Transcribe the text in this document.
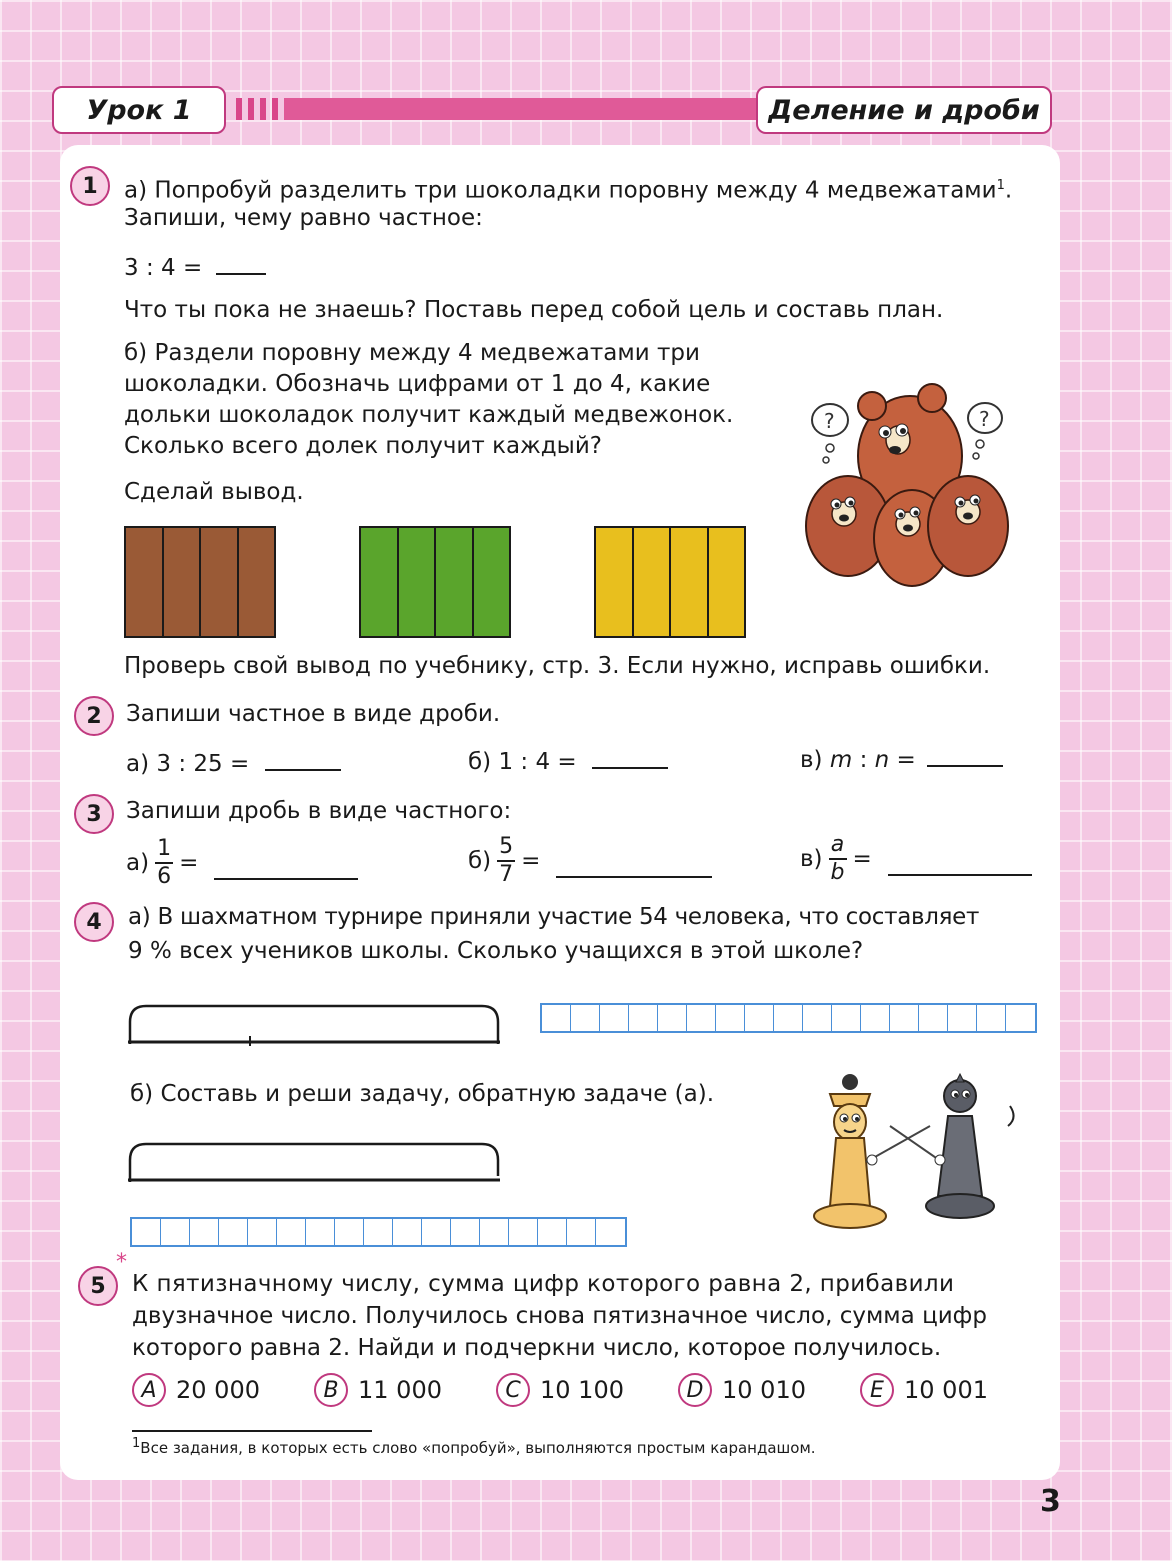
Урок 1	Деление и дроби
1 а) Попробуй разделить три шоколадки поровну между 4 медвежатами$^1$.
Запиши, чему равно частное:
3 : 4 =
Что ты пока не знаешь? Поставь перед собой цель и составь план.
б) Раздели поровну между 4 медвежатами три
шоколадки. Обозначь цифрами от 1 до 4, какие
дольки шоколадок получит каждый медвежонок.
Сколько всего долек получит каждый?
Сделай вывод.
?	?
Проверь свой вывод по учебнику, стр. 3. Если нужно, исправь ошибки.
2 Запиши частное в виде дроби.
а) 3 : 25 =	б) 1 : 4 =	в) m : n =
3 Запиши дробь в виде частного:
$а) \frac{1}{6}$ =	$б) \frac{5}{7}$ =	$в) \frac{a}{b}$ =
4 а) В шахматном турнире приняли участие 54 человека, что составляет
9 % всех учеников школы. Сколько учащихся в этой школе?
б) Составь и реши задачу, обратную задаче (а).
5
*
К пятизначному числу, сумма цифр которого равна 2, прибавили
двузначное число. Получилось снова пятизначное число, сумма цифр
которого равна 2. Найди и подчеркни число, которое получилось.
A 20 000	B 11 000	C 10 100	D 10 010	E 10 001
1Все задания, в которых есть слово «попробуй», выполняются простым карандашом.
3
